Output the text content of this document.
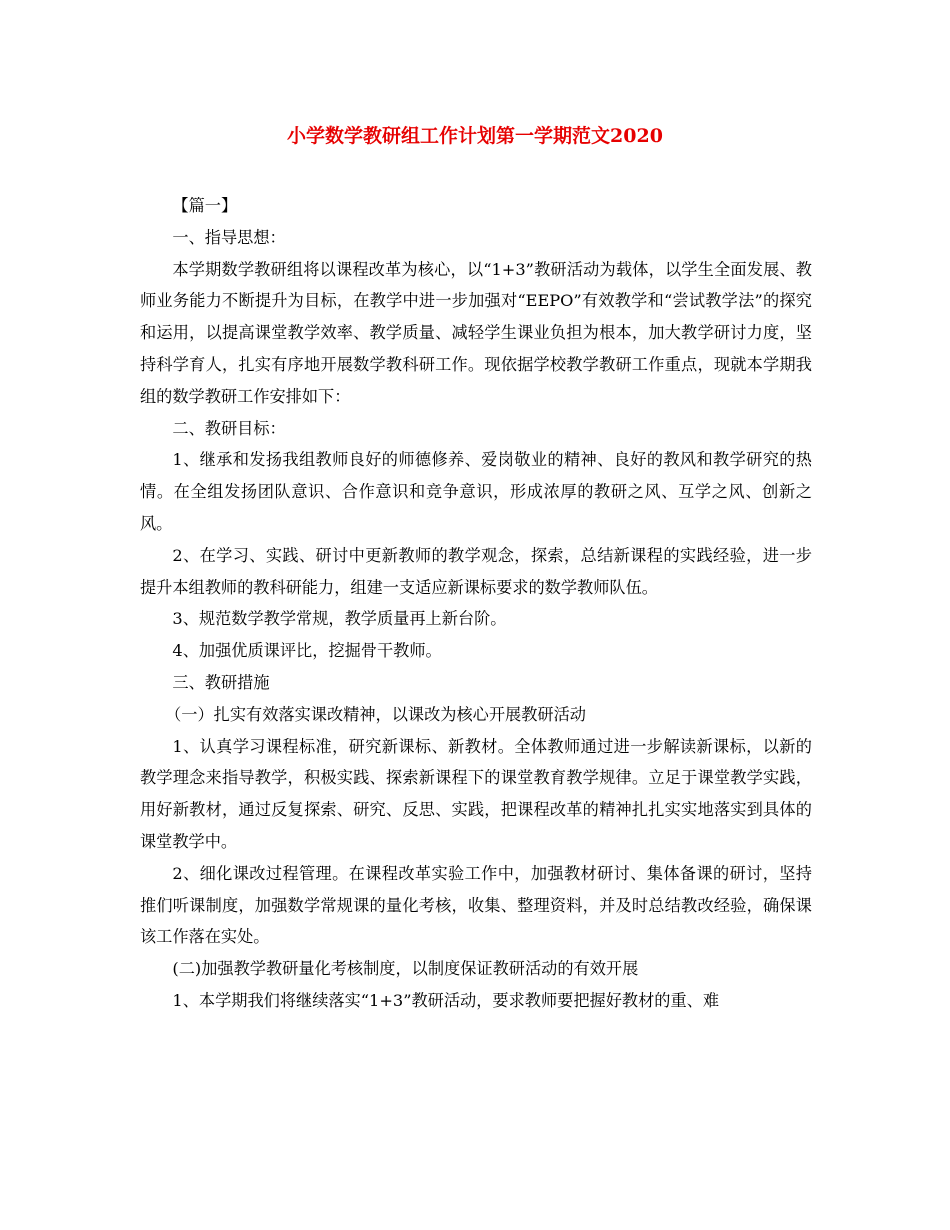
小学数学教研组工作计划第一学期范文2020

【篇一】

一、指导思想：

本学期数学教研组将以课程改革为核心，以“1+3”教研活动为载体，以学生全面发展、教师业务能力不断提升为目标，在教学中进一步加强对“EEPO”有效教学和“尝试教学法”的探究和运用，以提高课堂教学效率、教学质量、减轻学生课业负担为根本，加大教学研讨力度，坚持科学育人，扎实有序地开展数学教科研工作。现依据学校教学教研工作重点，现就本学期我组的数学教研工作安排如下：

二、教研目标：

1、继承和发扬我组教师良好的师德修养、爱岗敬业的精神、良好的教风和教学研究的热情。在全组发扬团队意识、合作意识和竞争意识，形成浓厚的教研之风、互学之风、创新之风。

2、在学习、实践、研讨中更新教师的教学观念，探索，总结新课程的实践经验，进一步提升本组教师的教科研能力，组建一支适应新课标要求的数学教师队伍。

3、规范数学教学常规，教学质量再上新台阶。

4、加强优质课评比，挖掘骨干教师。

三、教研措施

（一）扎实有效落实课改精神，以课改为核心开展教研活动

1、认真学习课程标准，研究新课标、新教材。全体教师通过进一步解读新课标，以新的教学理念来指导教学，积极实践、探索新课程下的课堂教育教学规律。立足于课堂教学实践，用好新教材，通过反复探索、研究、反思、实践，把课程改革的精神扎扎实实地落实到具体的课堂教学中。

2、细化课改过程管理。在课程改革实验工作中，加强教材研讨、集体备课的研讨，坚持推们听课制度，加强数学常规课的量化考核，收集、整理资料，并及时总结教改经验，确保课该工作落在实处。

(二)加强教学教研量化考核制度，以制度保证教研活动的有效开展

1、本学期我们将继续落实“1+3”教研活动，要求教师要把握好教材的重、难
